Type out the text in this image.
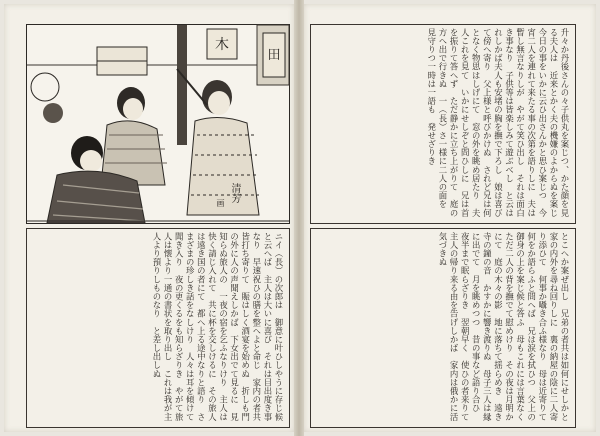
木
田
清芳
画
ニイ（長）の次郎は　御意に叶ひしやうに存じ候と云へば　主人は大いに喜び　それは目出度き事なり　早速祝ひの膳を整へよと命じ　家内の者共皆打ち寄りて　賑はしく酒宴を始めぬ　折しも門の外に人の声聞えしかば　下女出でて見るに　見知らぬ旅人の　一夜の宿を乞ふなりけり　主人は快く請じ入れて　共に杯を交しけるに　その旅人は遠き国の者にて　都へ上る途中なりと語り　さまざまの珍しき話をなしけり　人々は耳を傾けて聞き入り　夜の更くるをも知らざりき　やがて旅人は懐より一通の書状を取り出し　これは我が主人より預りしものなり　と差し出しぬ
升々か丹後さんの々子供丸を案じつ、かた顔を見る夫人は　近来とかく夫の機嫌のよからぬを案じ　今日の事をいかに云ひ出さんかと思ひ案じつ　今宵二人を連れて来たる事の次第を語りしに　夫は暫し無言なりしが　やがて笑ひ出し　それは面白き事なり　子供等は皆楽しみて遊ぶべし　と云はれしかば夫人も安堵の胸を撫で下ろし　娘は喜びて傍へ寄り　父上様と呼びかけぬ　されど兄は何となく物思はしげにて　窓の外を眺め居たり　夫人これを見て　いかにせしぞと問ひしに　兄は首を振りて答へず　ただ静かに立ち上がりて　庭の方へ出で行きぬ　一（長）さ一様に二人の面を　見守りつ一時は一語も　発せざりき
とこへか案ぜ出し　兄弟の者共は如何にせしかと　家の内外を尋ね回りしに　裏の納屋の陰に二人寄り添ひて　何事か囁き合ふ様なり　母は近寄りて　何をか語らふと問へば　兄は涙を拭ひつ　父上の御身の上を案じ候と答ふ　母もこれには言葉なく　ただ二人の背を撫でて慰めけり　その夜は月明かにて　庭の木々の影　地に落ちて揺らめき　遠き寺の鐘の音　かすかに響き渡りぬ　母子三人は縁に出でて　月を眺めつつ　昔の事など語り合ひ　夜半まで眠らざりき　翌朝早く　使ひの者来りて　主人の帰り来る由を告げしかば　家内は俄かに活気づきぬ
